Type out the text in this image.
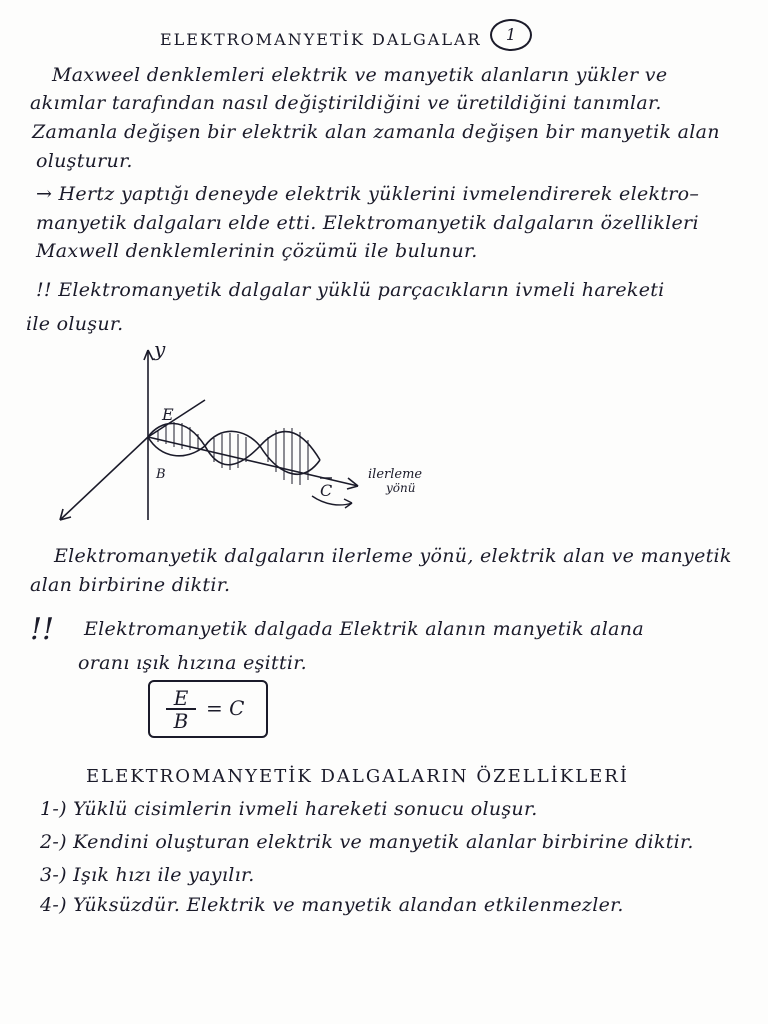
ELEKTROMANYETİK DALGALAR	1
Maxweel denklemleri elektrik ve manyetik alanların yükler ve
akımlar tarafından nasıl değiştirildiğini ve üretildiğini tanımlar.
Zamanla değişen bir elektrik alan zamanla değişen bir manyetik alan
oluşturur.
→ Hertz yaptığı deneyde elektrik yüklerini ivmelendirerek elektro–
manyetik dalgaları elde etti. Elektromanyetik dalgaların özellikleri
Maxwell denklemlerinin çözümü ile bulunur.
!! Elektromanyetik dalgalar yüklü parçacıkların ivmeli hareketi
ile oluşur.
y
E
B
C
ilerleme
yönü
Elektromanyetik dalgaların ilerleme yönü, elektrik alan ve manyetik
alan birbirine diktir.
!! Elektromanyetik dalgada Elektrik alanın manyetik alana
oranı ışık hızına eşittir.
$\frac{E}{B} = C$
ELEKTROMANYETİK DALGALARIN ÖZELLİKLERİ
1-) Yüklü cisimlerin ivmeli hareketi sonucu oluşur.
2-) Kendini oluşturan elektrik ve manyetik alanlar birbirine diktir.
3-) Işık hızı ile yayılır.
4-) Yüksüzdür. Elektrik ve manyetik alandan etkilenmezler.
